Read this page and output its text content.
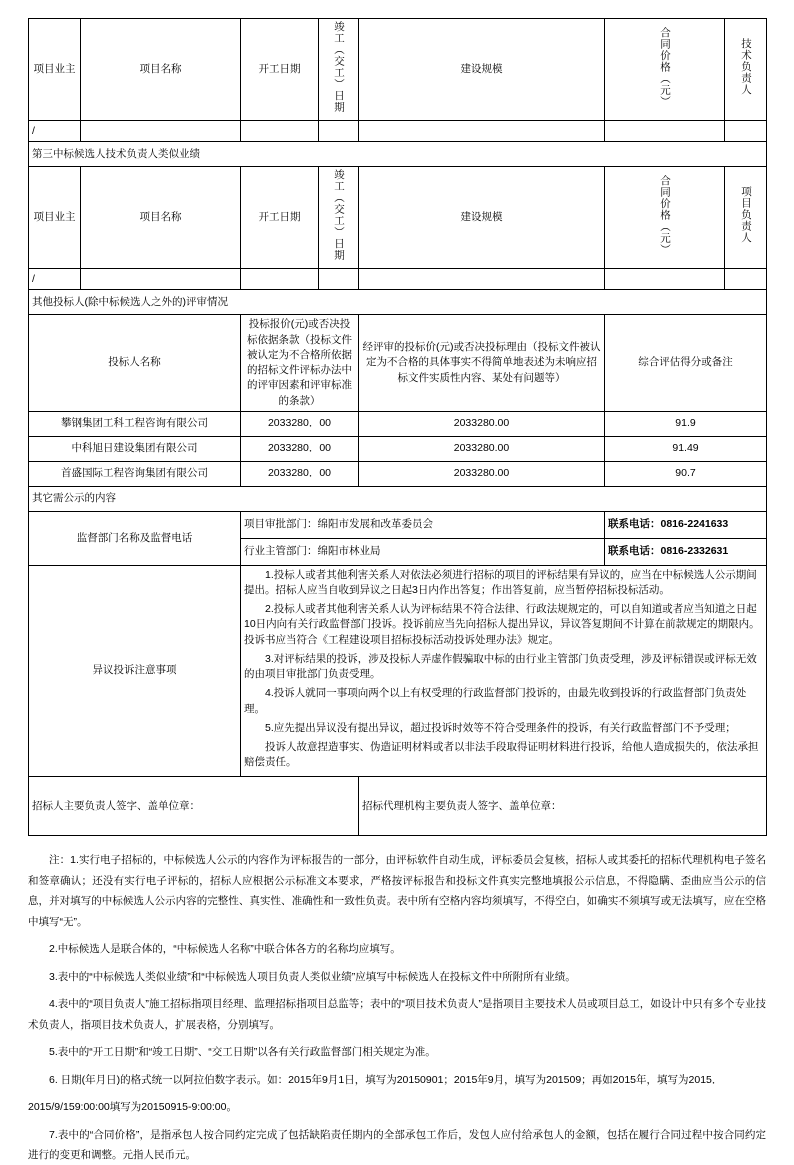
项目业主	项目名称	开工日期	竣工（交工）日期	建设规模	合同价格（元）	技术负责人
/						
第三中标候选人技术负责人类似业绩						
项目业主	项目名称	开工日期	竣工（交工）日期	建设规模	合同价格（元）	项目负责人
/						
其他投标人(除中标候选人之外的)评审情况						
投标人名称		投标报价(元)或否决投标依据条款（投标文件被认定为不合格所依据的招标文件评标办法中的评审因素和评审标准的条款）		经评审的投标价(元)或否决投标理由（投标文件被认定为不合格的具体事实不得简单地表述为未响应招标文件实质性内容、某处有问题等）	综合评估得分或备注	
攀钢集团工科工程咨询有限公司		2033280．00		2033280.00	91.9	
中科旭日建设集团有限公司		2033280．00		2033280.00	91.49	
首盛国际工程咨询集团有限公司		2033280．00		2033280.00	90.7	
其它需公示的内容						
监督部门名称及监督电话		项目审批部门：绵阳市发展和改革委员会			联系电话：0816-2241633	
		行业主管部门：绵阳市林业局			联系电话：0816-2332631	
异议投诉注意事项	

1.投标人或者其他利害关系人对依法必须进行招标的项目的评标结果有异议的，应当在中标候选人公示期间提出。招标人应当自收到异议之日起3日内作出答复；作出答复前，应当暂停招标投标活动。

2.投标人或者其他利害关系人认为评标结果不符合法律、行政法规规定的，可以自知道或者应当知道之日起10日内向有关行政监督部门投诉。投诉前应当先向招标人提出异议，异议答复期间不计算在前款规定的期限内。投诉书应当符合《工程建设项目招标投标活动投诉处理办法》规定。

3.对评标结果的投诉，涉及投标人弄虚作假骗取中标的由行业主管部门负责受理，涉及评标错误或评标无效的由项目审批部门负责受理。

4.投诉人就同一事项向两个以上有权受理的行政监督部门投诉的，由最先收到投诉的行政监督部门负责处理。

5.应先提出异议没有提出异议，超过投诉时效等不符合受理条件的投诉，有关行政监督部门不予受理；

投诉人故意捏造事实、伪造证明材料或者以非法手段取得证明材料进行投诉，给他人造成损失的，依法承担赔偿责任。

招标人主要负责人签字、盖单位章：				招标代理机构主要负责人签字、盖单位章：		

注：1.实行电子招标的，中标候选人公示的内容作为评标报告的一部分，由评标软件自动生成，评标委员会复核，招标人或其委托的招标代理机构电子签名和签章确认；还没有实行电子评标的，招标人应根据公示标准文本要求，严格按评标报告和投标文件真实完整地填报公示信息，不得隐瞒、歪曲应当公示的信息，并对填写的中标候选人公示内容的完整性、真实性、准确性和一致性负责。表中所有空格内容均须填写，不得空白，如确实不须填写或无法填写，应在空格中填写“无”。

2.中标候选人是联合体的，“中标候选人名称”中联合体各方的名称均应填写。

3.表中的“中标候选人类似业绩”和“中标候选人项目负责人类似业绩”应填写中标候选人在投标文件中所附所有业绩。

4.表中的“项目负责人”施工招标指项目经理、监理招标指项目总监等；表中的“项目技术负责人”是指项目主要技术人员或项目总工，如设计中只有多个专业技术负责人，指项目技术负责人，扩展表格，分别填写。

5.表中的“开工日期”和“竣工日期”、“交工日期”以各有关行政监督部门相关规定为准。

6. 日期(年月日)的格式统一以阿拉伯数字表示。如：2015年9月1日，填写为20150901；2015年9月，填写为201509；再如2015年，填写为2015．

2015/9/159:00:00填写为20150915-9:00:00。

7.表中的“合同价格”，是指承包人按合同约定完成了包括缺陷责任期内的全部承包工作后，发包人应付给承包人的金额，包括在履行合同过程中按合同约定进行的变更和调整。元指人民币元。
